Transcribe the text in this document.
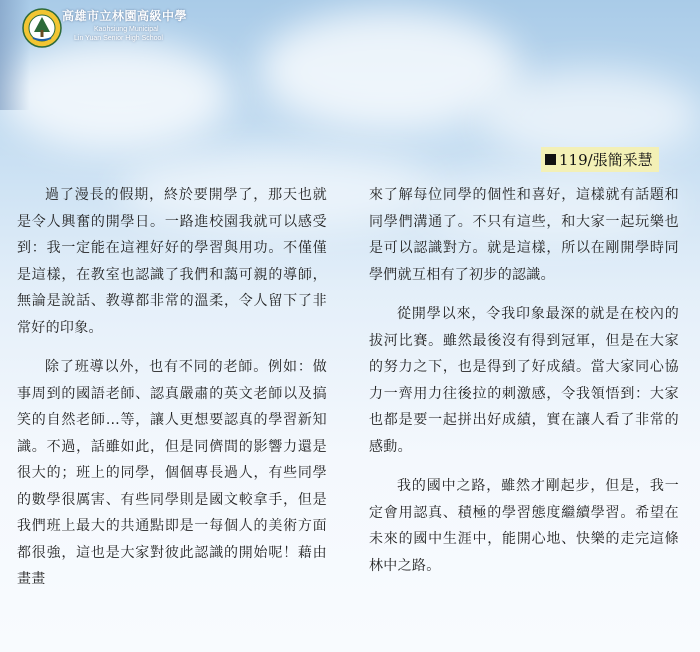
高雄市立林園高級中學
Kaohsiung Municipal
Lin Yuan Senior High School
119/張簡釆慧

過了漫長的假期，終於要開學了，那天也就是令人興奮的開學日。一路進校園我就可以感受到：我一定能在這裡好好的學習與用功。不僅僅是這樣，在教室也認識了我們和藹可親的導師，無論是說話、教導都非常的溫柔，令人留下了非常好的印象。

除了班導以外，也有不同的老師。例如：做事周到的國語老師、認真嚴肅的英文老師以及搞笑的自然老師…等，讓人更想要認真的學習新知識。不過，話雖如此，但是同儕間的影響力還是很大的；班上的同學，個個專長過人，有些同學的數學很厲害、有些同學則是國文較拿手，但是我們班上最大的共通點即是一每個人的美術方面都很強，這也是大家對彼此認識的開始呢！藉由畫畫

來了解每位同學的個性和喜好，這樣就有話題和同學們溝通了。不只有這些，和大家一起玩樂也是可以認識對方。就是這樣，所以在剛開學時同學們就互相有了初步的認識。

從開學以來，令我印象最深的就是在校內的拔河比賽。雖然最後沒有得到冠軍，但是在大家的努力之下，也是得到了好成績。當大家同心協力一齊用力往後拉的刺激感，令我領悟到：大家也都是要一起拼出好成績，實在讓人看了非常的感動。

我的國中之路，雖然才剛起步，但是，我一定會用認真、積極的學習態度繼續學習。希望在未來的國中生涯中，能開心地、快樂的走完這條林中之路。
